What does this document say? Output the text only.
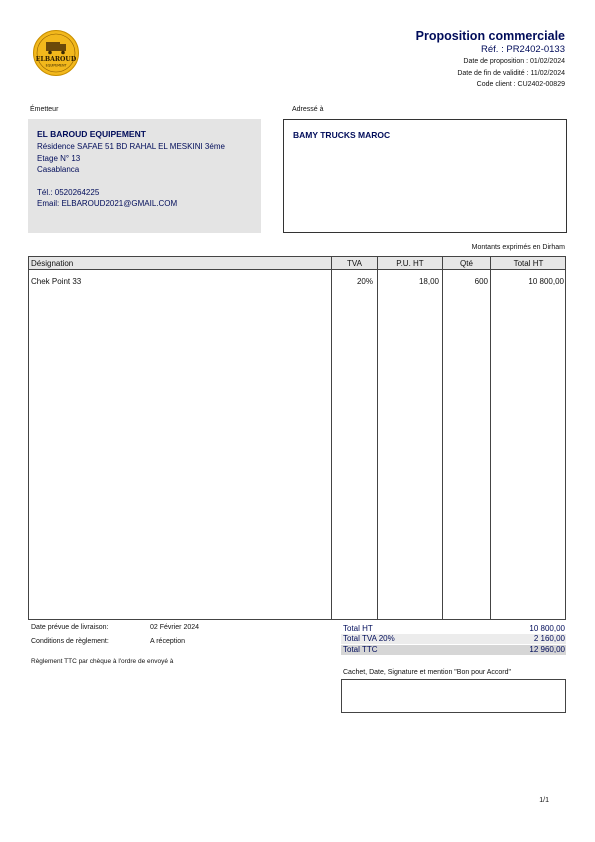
ELBAROUD
EQUIPEMENT
Proposition commerciale
Réf. : PR2402-0133
Date de proposition : 01/02/2024
Date de fin de validité : 11/02/2024
Code client : CU2402-00829
Émetteur
EL BAROUD EQUIPEMENT
Résidence SAFAE 51 BD RAHAL EL MESKINI 3éme
Etage N° 13
Casablanca
Tél.: 0520264225
Email: ELBAROUD2021@GMAIL.COM
Adressé à
BAMY TRUCKS MAROC
Montants exprimés en Dirham
Désignation	TVA	P.U. HT	Qté	Total HT
Chek Point 33	20%	18,00	600	10 800,00
Date prévue de livraison:	02 Février 2024
Conditions de règlement:	A réception
Règlement TTC par chèque à l'ordre de envoyé à
Total HT	10 800,00
Total TVA 20%	2 160,00
Total TTC	12 960,00
Cachet, Date, Signature et mention "Bon pour Accord"
1/1
